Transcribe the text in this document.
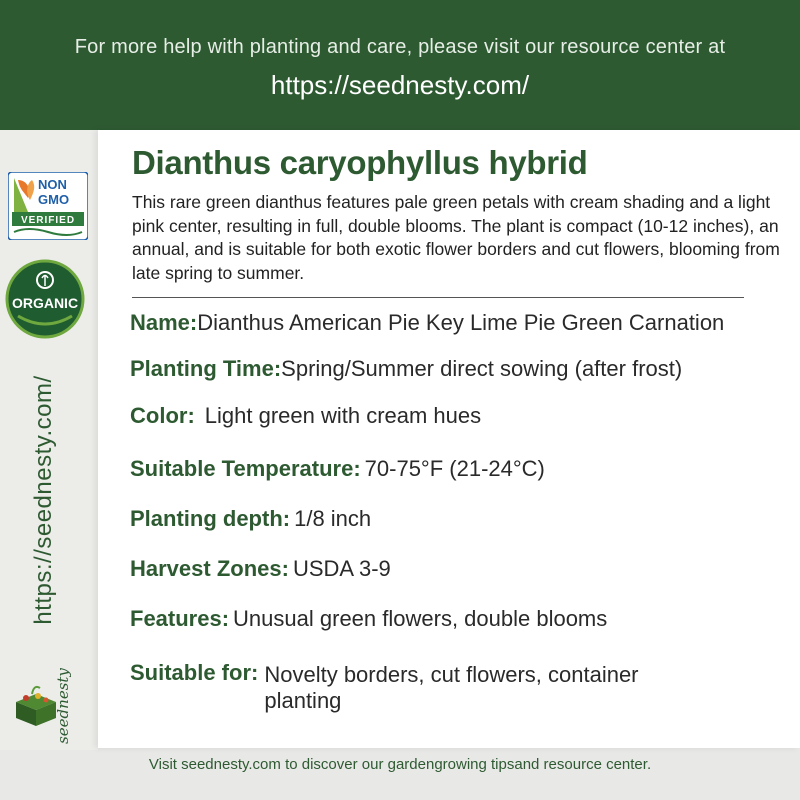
For more help with planting and care, please visit our resource center at
https://seednesty.com/
NON
GMO
VERIFIED
ORGANIC
https://seednesty.com/
seednesty
Dianthus caryophyllus hybrid
This rare green dianthus features pale green petals with cream shading and a light pink center, resulting in full, double blooms. The plant is compact (10-12 inches), an annual, and is suitable for both exotic flower borders and cut flowers, blooming from late spring to summer.
Name:Dianthus American Pie Key Lime Pie Green Carnation
Planting Time:Spring/Summer direct sowing (after frost)
Color: Light green with cream hues
Suitable Temperature: 70-75°F (21-24°C)
Planting depth: 1/8 inch
Harvest Zones: USDA 3-9
Features: Unusual green flowers, double blooms
Suitable for: Novelty borders, cut flowers, container planting
Visit seednesty.com to discover our gardengrowing tipsand resource center.
